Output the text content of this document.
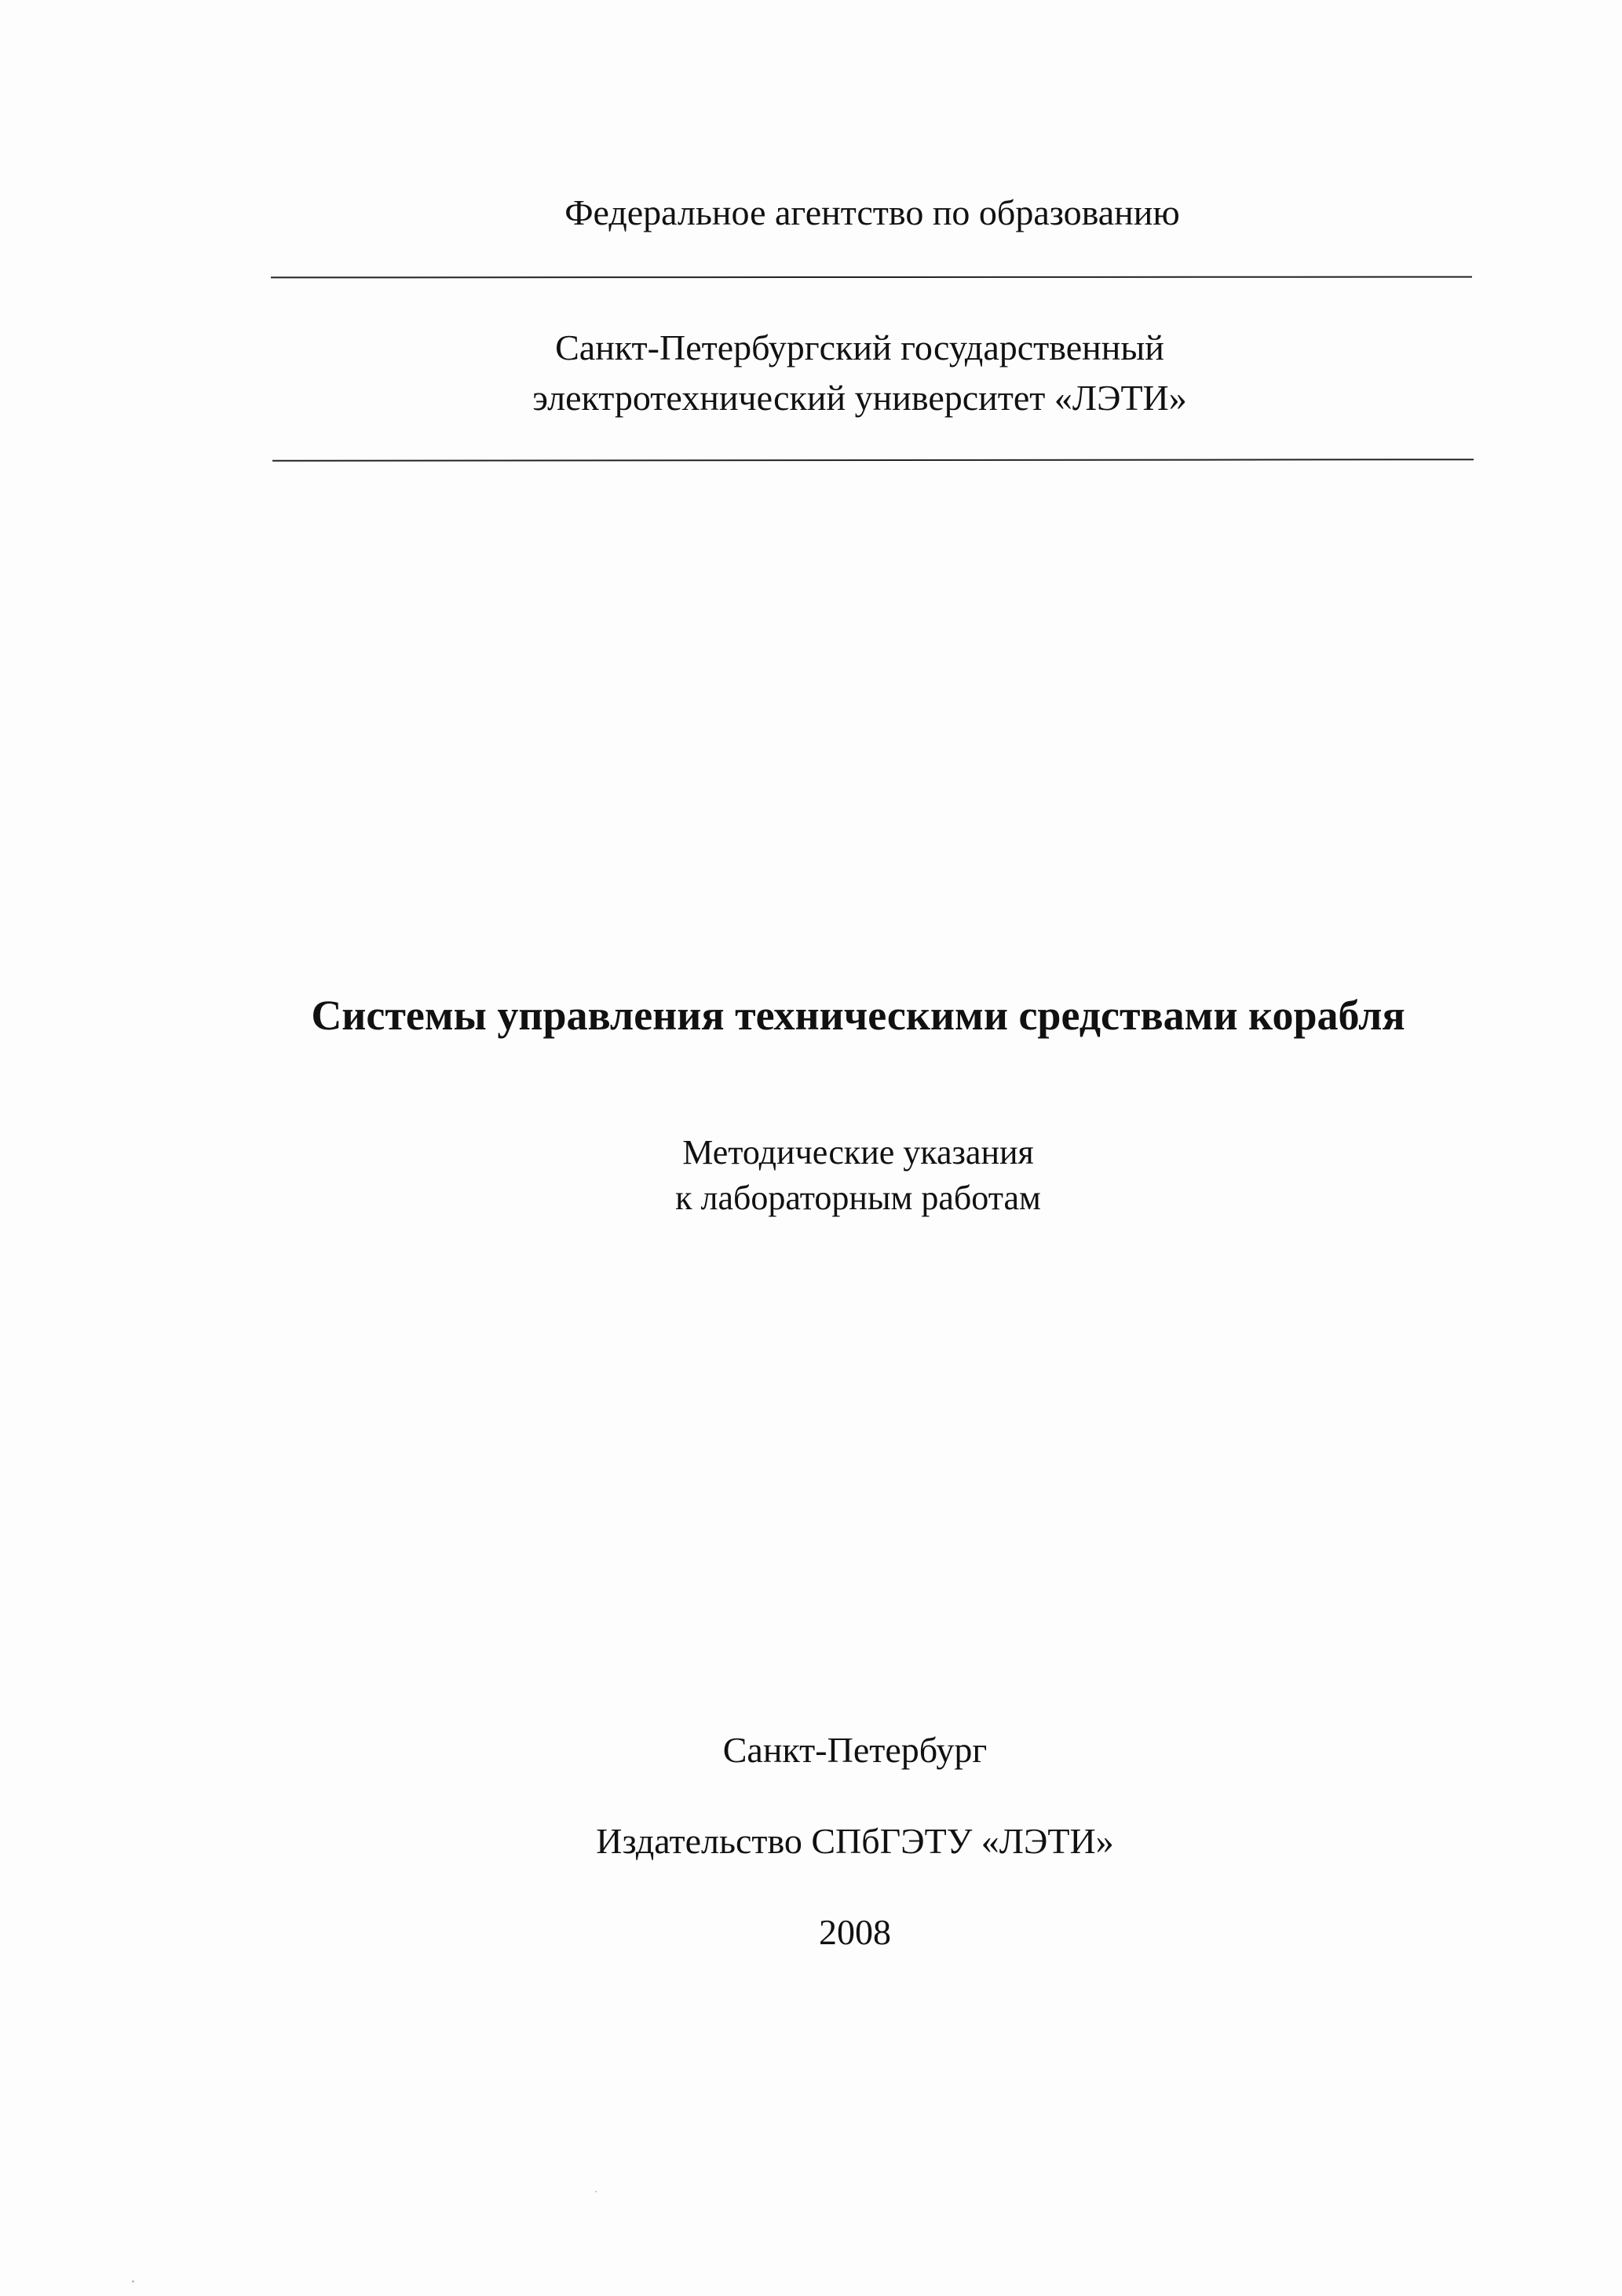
Федеральное агентство по образованию
Санкт-Петербургский государственный
электротехнический университет «ЛЭТИ»
Системы управления техническими средствами корабля
Методические указания
к лабораторным работам
Санкт-Петербург
Издательство СПбГЭТУ «ЛЭТИ»
2008
